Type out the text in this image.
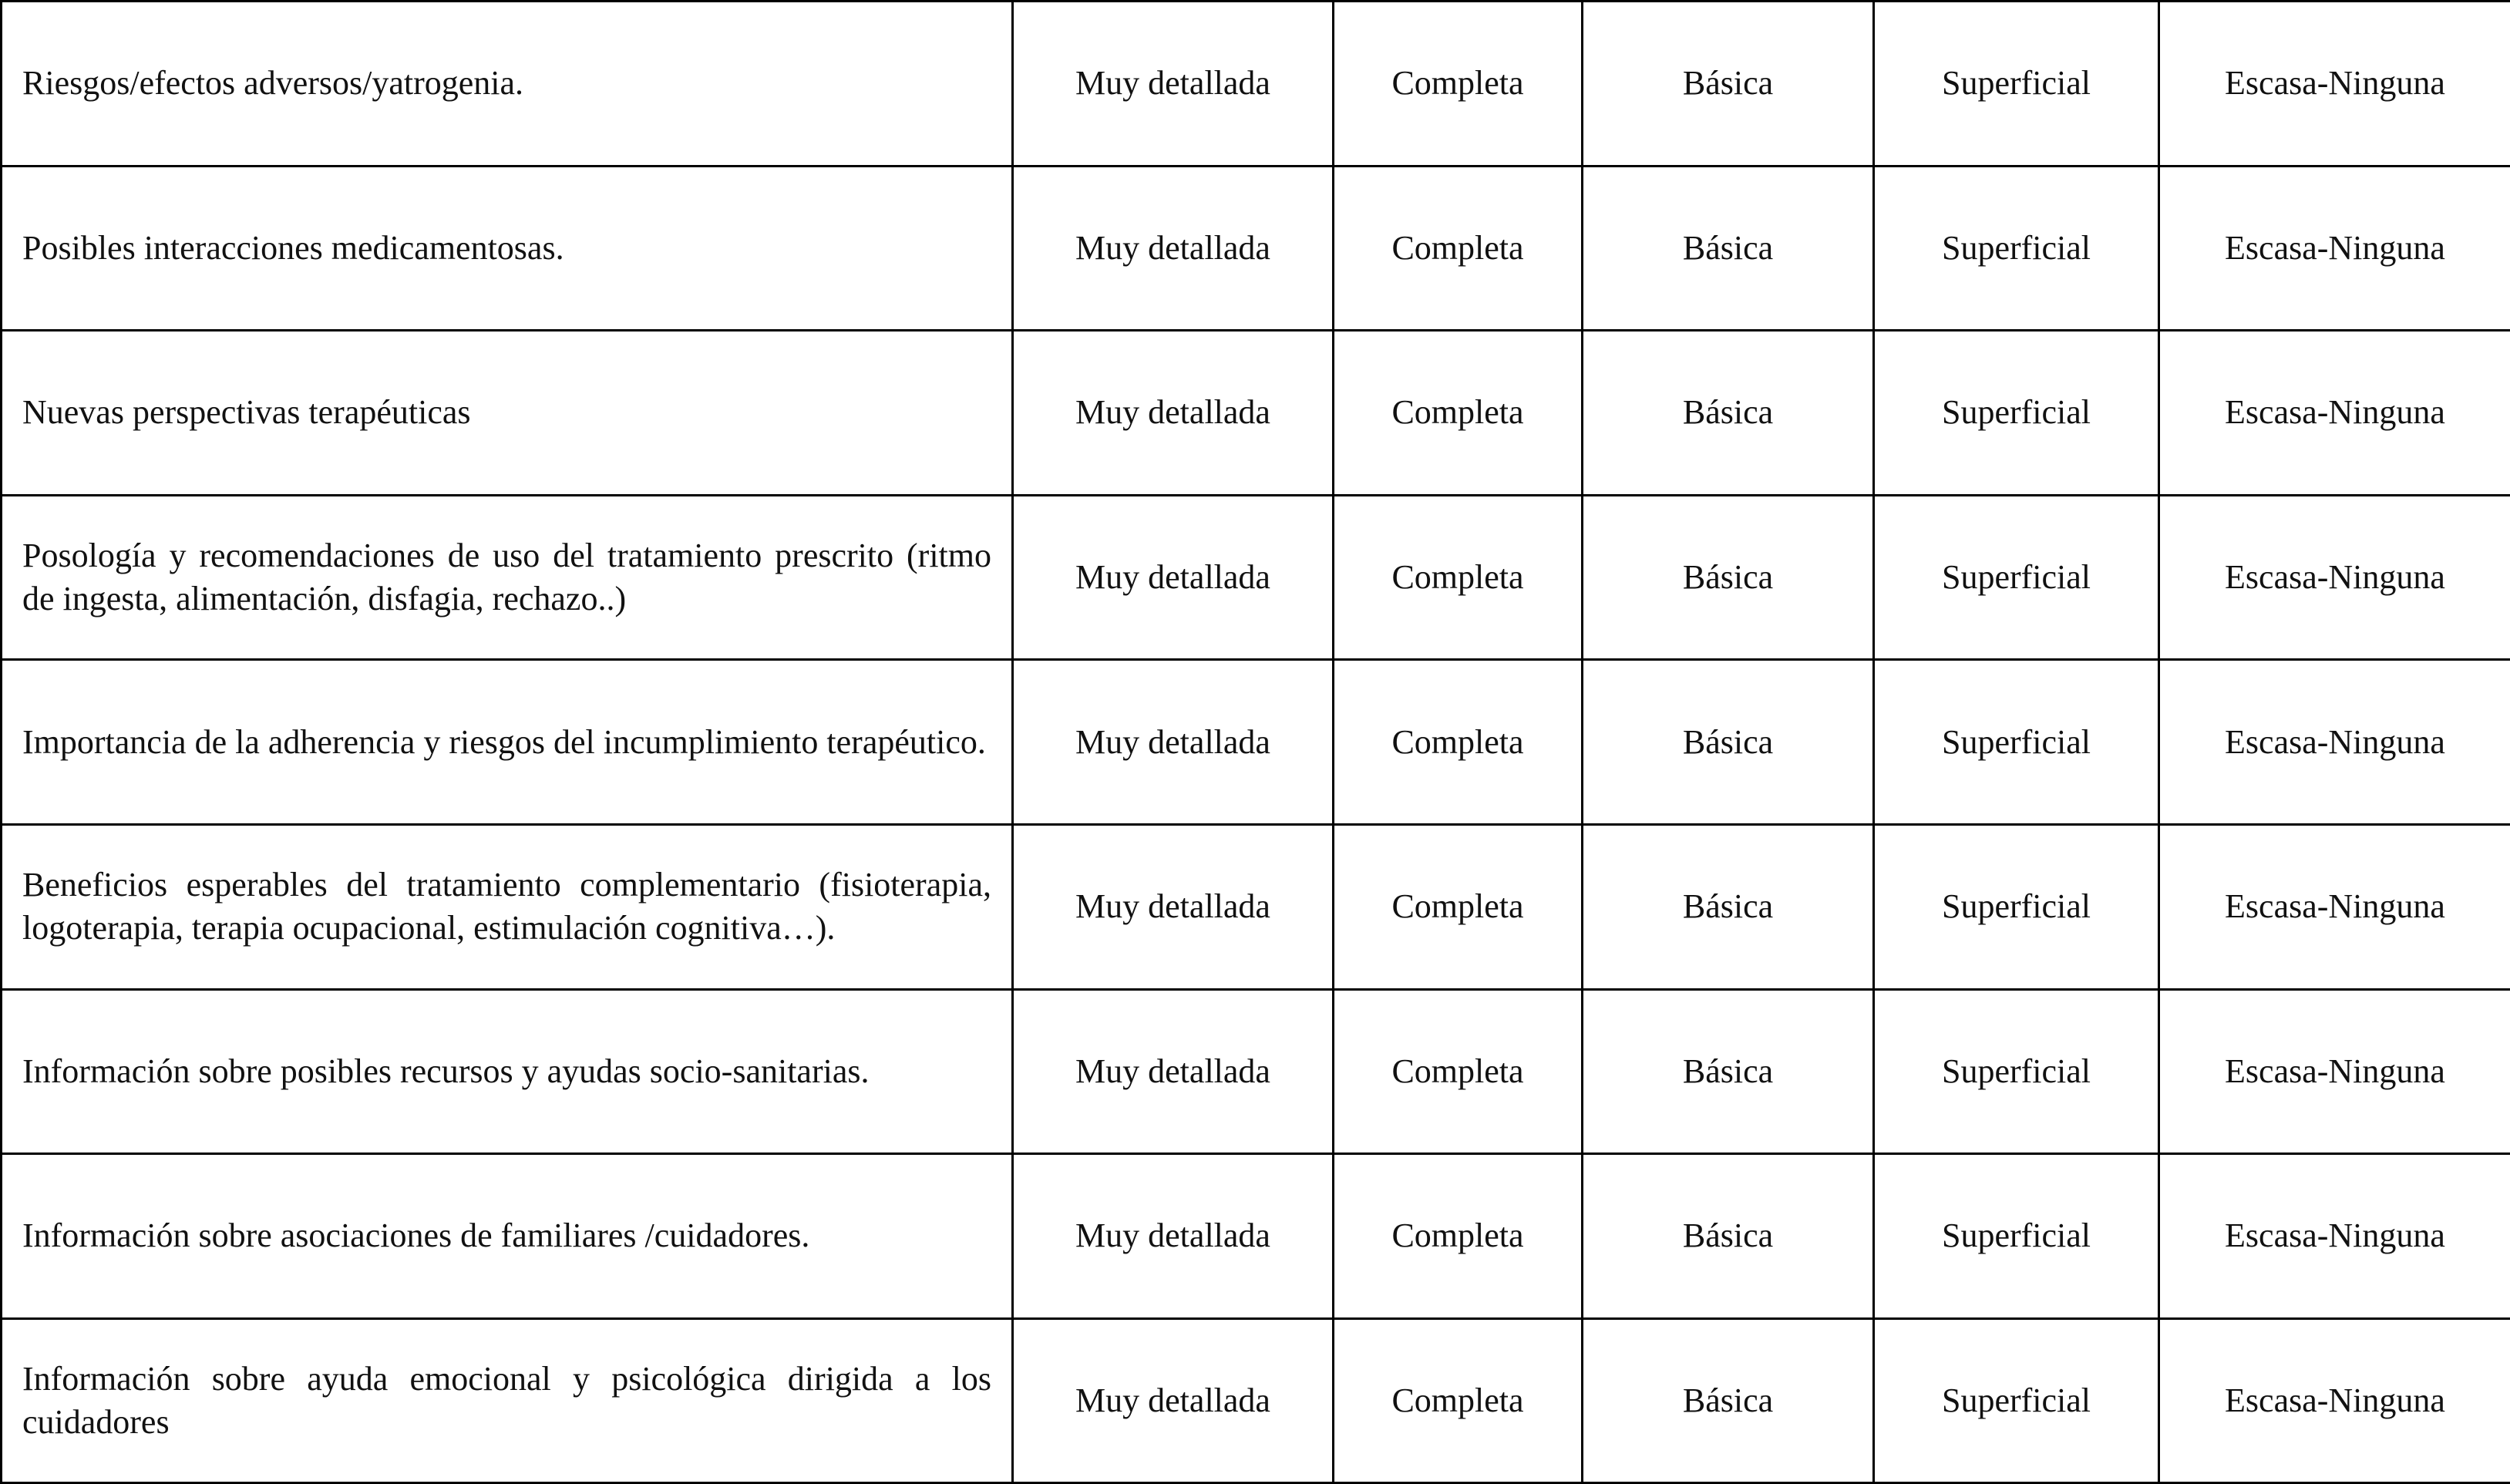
Riesgos/efectos adversos/yatrogenia.	Muy detallada	Completa	Básica	Superficial	Escasa-Ninguna
Posibles interacciones medicamentosas.	Muy detallada	Completa	Básica	Superficial	Escasa-Ninguna
Nuevas perspectivas terapéuticas	Muy detallada	Completa	Básica	Superficial	Escasa-Ninguna
Posología y recomendaciones de uso del tratamiento prescrito (ritmo de ingesta, alimentación, disfagia, rechazo..)	Muy detallada	Completa	Básica	Superficial	Escasa-Ninguna
Importancia de la adherencia y riesgos del incumplimiento terapéutico.	Muy detallada	Completa	Básica	Superficial	Escasa-Ninguna
Beneficios esperables del tratamiento complementario (fisioterapia, logoterapia, terapia ocupacional, estimulación cognitiva…).	Muy detallada	Completa	Básica	Superficial	Escasa-Ninguna
Información sobre posibles recursos y ayudas socio-sanitarias.	Muy detallada	Completa	Básica	Superficial	Escasa-Ninguna
Información sobre asociaciones de familiares /cuidadores.	Muy detallada	Completa	Básica	Superficial	Escasa-Ninguna
Información sobre ayuda emocional y psicológica dirigida a los cuidadores	Muy detallada	Completa	Básica	Superficial	Escasa-Ninguna
